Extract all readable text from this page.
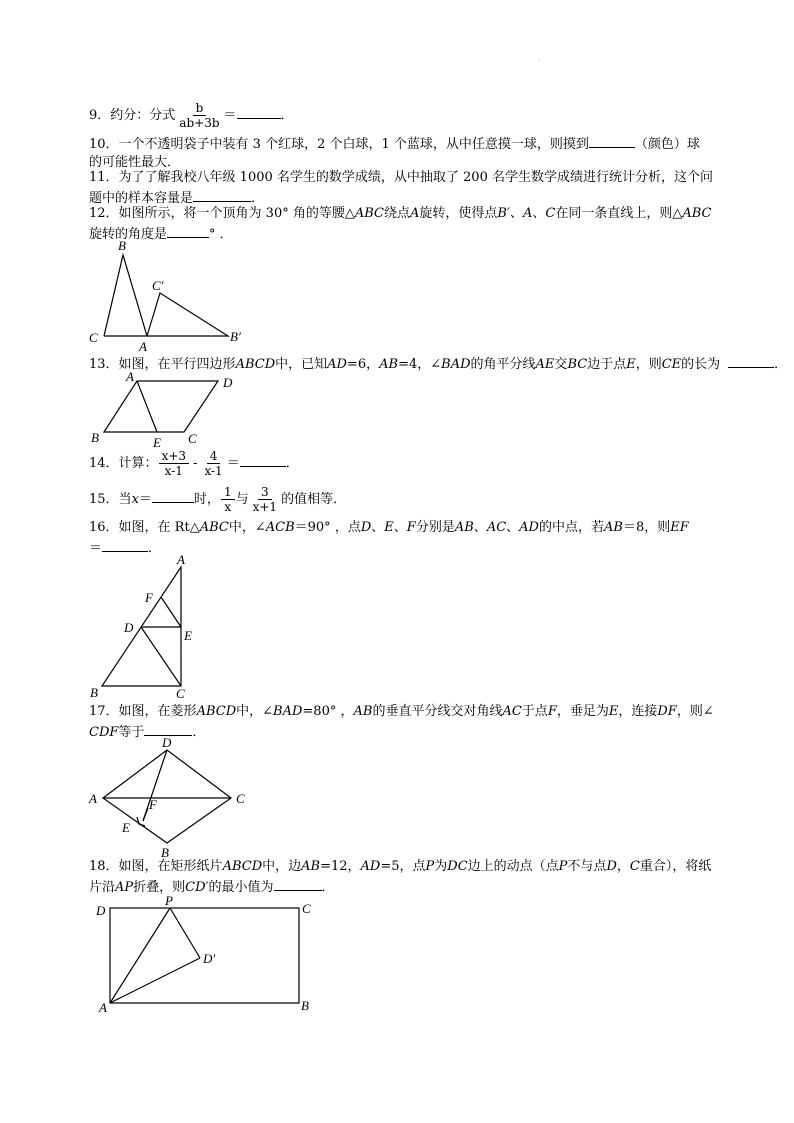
·
9．约分：分式 $\frac{b}{ab+3b}$ ＝	．
10．一个不透明袋子中装有 3 个红球，2 个白球，1 个蓝球，从中任意摸一球，则摸到	（颜色）球
的可能性最大．
11．为了了解我校八年级 1000 名学生的数学成绩，从中抽取了 200 名学生数学成绩进行统计分析，这个问
题中的样本容量是	．
12．如图所示，将一个顶角为 30° 角的等腰△ABC绕点A旋转，使得点B′、A、C在同一条直线上，则△ABC
旋转的角度是	° ．
B
C′
C
A
B′
13．如图，在平行四边形ABCD中，已知AD=6，AB=4，∠BAD的角平分线AE交BC边于点E，则CE的长为	．
A	D
B	E C
14．计算： $\frac{x+3}{x-1} - \frac{4}{x-1}$ ＝	．
15．当x＝	时， $\frac{1}{x}$ 与 $\frac{3}{x+1}$ 的值相等．
16．如图，在 Rt△ABC中，∠ACB＝90° ，点D、E、F分别是AB、AC、AD的中点，若AB＝8，则EF
＝	．
A
F
D
E
B	C
17．如图，在菱形ABCD中，∠BAD=80° ，AB的垂直平分线交对角线AC于点F，垂足为E，连接DF，则∠
CDF等于	．
D
A	F	C
E
B
18．如图，在矩形纸片ABCD中，边AB=12，AD=5，点P为DC边上的动点（点P不与点D，C重合），将纸
片沿AP折叠，则CD′的最小值为	．
D
P
C
D′
A	B
